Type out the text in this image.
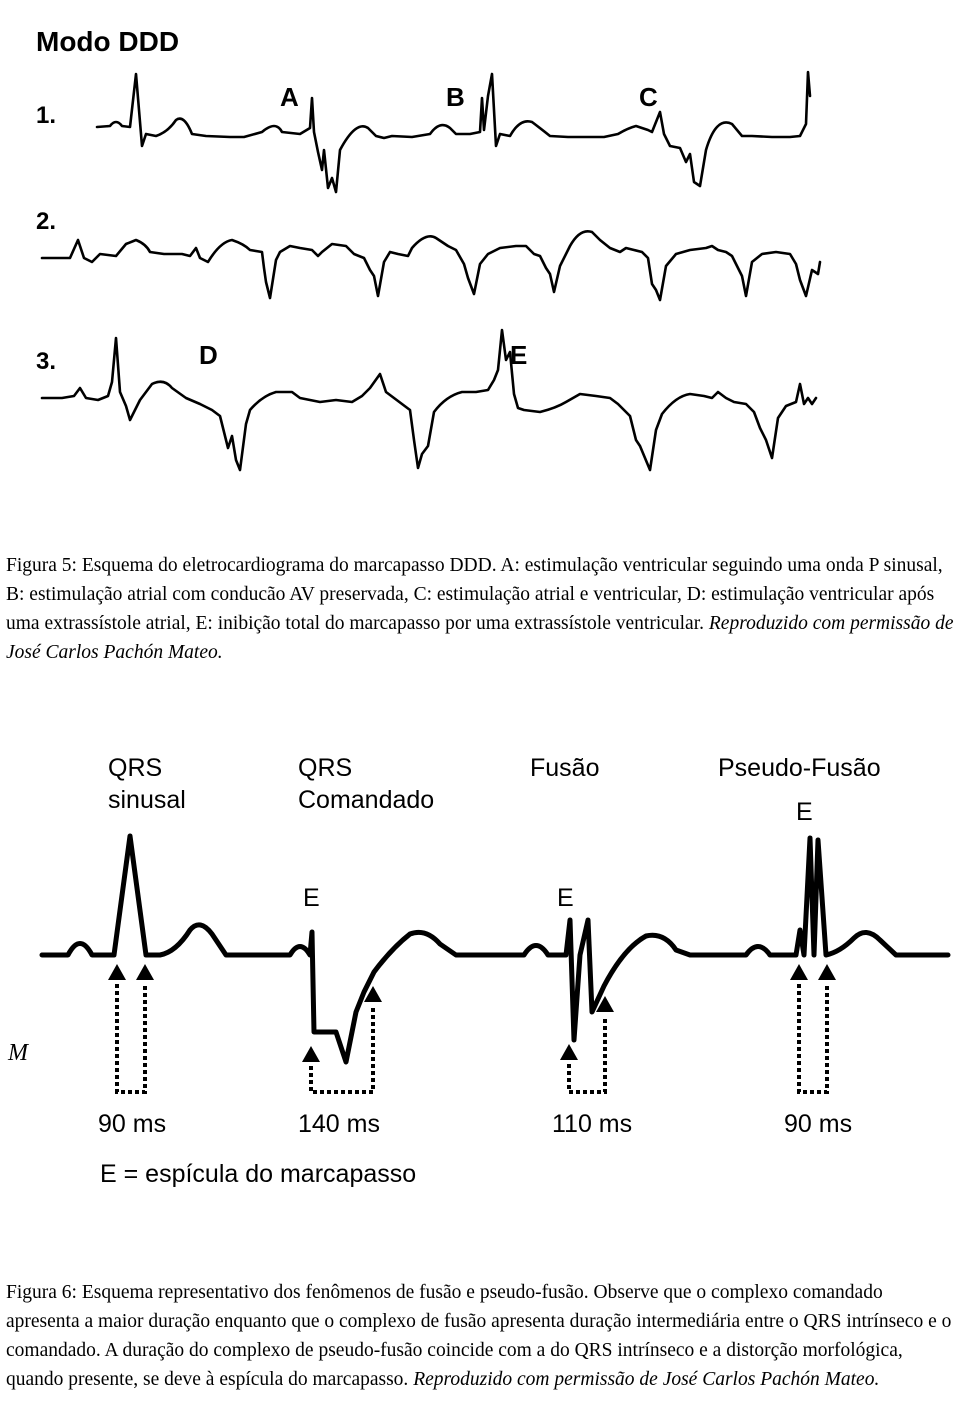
Modo DDD
1.
2.
3.
A	B	C
D	E
Figura 5: Esquema do eletrocardiograma do marcapasso DDD. A: estimulação ventricular seguindo uma onda P sinusal, B: estimulação atrial com conducão AV preservada, C: estimulação atrial e ventricular, D: estimulação ventricular após uma extrassístole atrial, E: inibição total do marcapasso por uma extrassístole ventricular. Reproduzido com permissão de José Carlos Pachón Mateo.
QRS
sinusal
QRS
Comandado
Fusão	Pseudo-Fusão
E	E
E
M
90 ms	140 ms	110 ms	90 ms
E = espícula do marcapasso
Figura 6: Esquema representativo dos fenômenos de fusão e pseudo-fusão. Observe que o complexo comandado apresenta a maior duração enquanto que o complexo de fusão apresenta duração intermediária entre o QRS intrínseco e o comandado. A duração do complexo de pseudo-fusão coincide com a do QRS intrínseco e a distorção morfológica, quando presente, se deve à espícula do marcapasso. Reproduzido com permissão de José Carlos Pachón Mateo.
